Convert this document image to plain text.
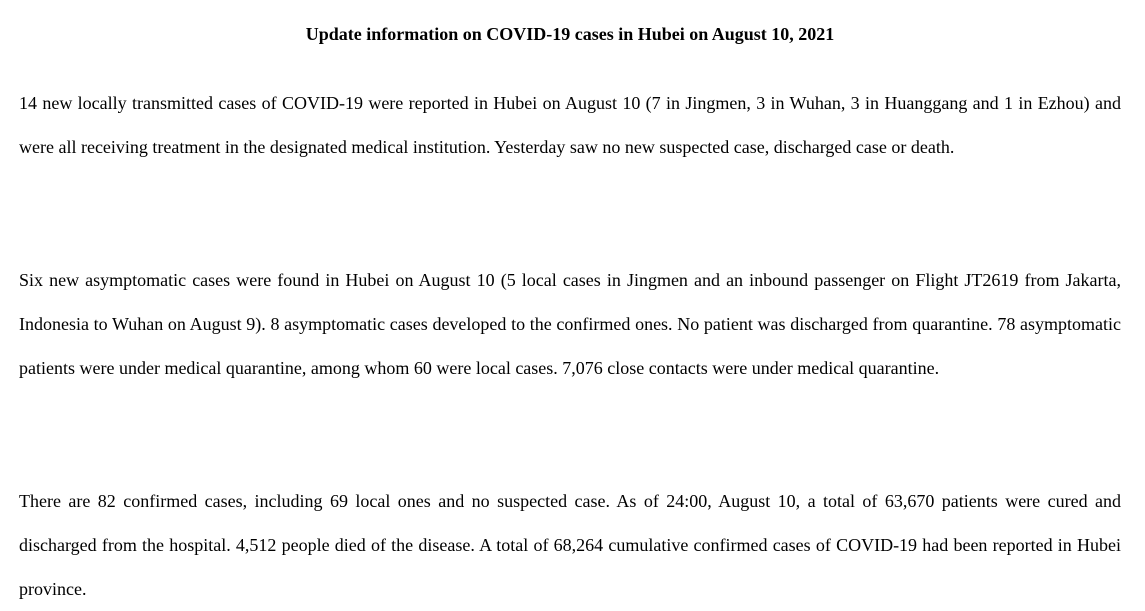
Update information on COVID-19 cases in Hubei on August 10, 2021

14 new locally transmitted cases of COVID-19 were reported in Hubei on August 10 (7 in Jingmen, 3 in Wuhan, 3 in Huanggang and 1 in Ezhou) and were all receiving treatment in the designated medical institution. Yesterday saw no new suspected case, discharged case or death.

Six new asymptomatic cases were found in Hubei on August 10 (5 local cases in Jingmen and an inbound passenger on Flight JT2619 from Jakarta, Indonesia to Wuhan on August 9). 8 asymptomatic cases developed to the confirmed ones. No patient was discharged from quarantine. 78 asymptomatic patients were under medical quarantine, among whom 60 were local cases. 7,076 close contacts were under medical quarantine.

There are 82 confirmed cases, including 69 local ones and no suspected case. As of 24:00, August 10, a total of 63,670 patients were cured and discharged from the hospital. 4,512 people died of the disease. A total of 68,264 cumulative confirmed cases of COVID-19 had been reported in Hubei province.
